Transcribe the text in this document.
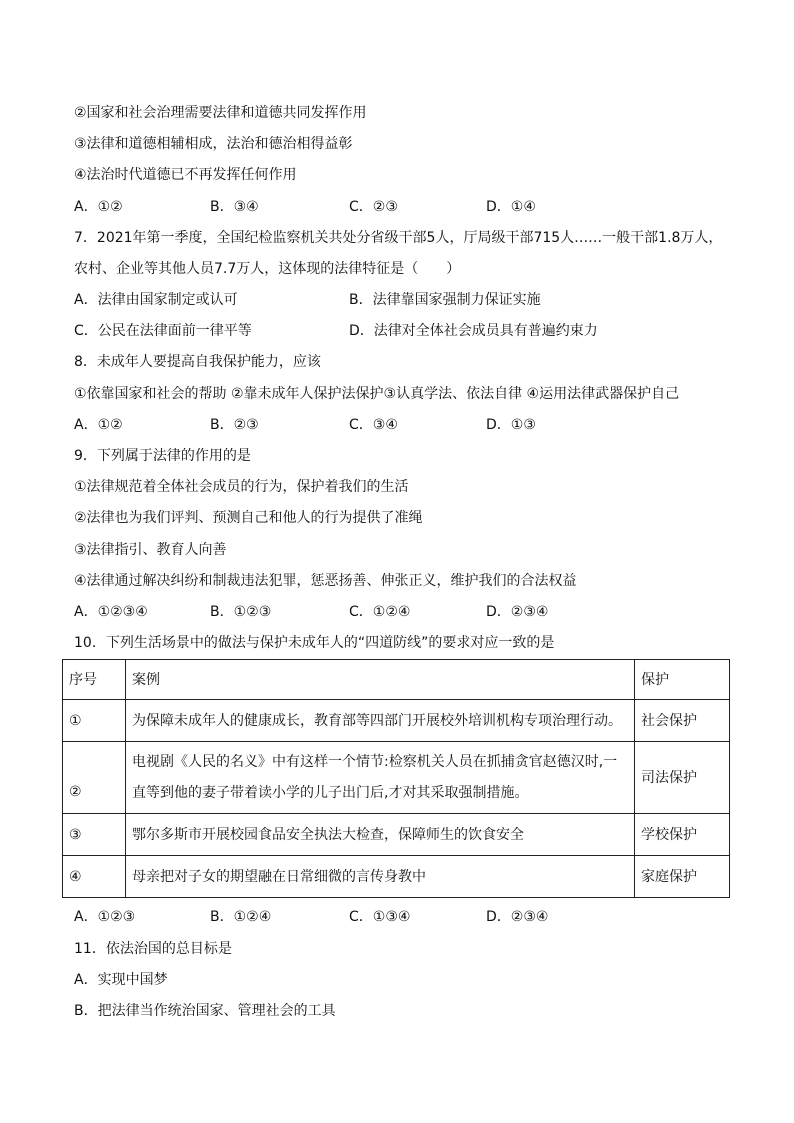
②国家和社会治理需要法律和道德共同发挥作用
③法律和道德相辅相成，法治和德治相得益彰
④法治时代道德已不再发挥任何作用
A．①②	B．③④	C．②③	D．①④
7．2021年第一季度，全国纪检监察机关共处分省级干部5人，厅局级干部715人……一般干部1.8万人，
农村、企业等其他人员7.7万人，这体现的法律特征是（　　）
A．法律由国家制定或认可	B．法律靠国家强制力保证实施
C．公民在法律面前一律平等	D．法律对全体社会成员具有普遍约束力
8．未成年人要提高自我保护能力，应该
①依靠国家和社会的帮助 ②靠未成年人保护法保护③认真学法、依法自律 ④运用法律武器保护自己
A．①②	B．②③	C．③④	D．①③
9．下列属于法律的作用的是
①法律规范着全体社会成员的行为，保护着我们的生活
②法律也为我们评判、预测自己和他人的行为提供了准绳
③法律指引、教育人向善
④法律通过解决纠纷和制裁违法犯罪，惩恶扬善、伸张正义，维护我们的合法权益
A．①②③④	B．①②③	C．①②④	D．②③④
10．下列生活场景中的做法与保护未成年人的“四道防线”的要求对应一致的是
序号	案例	保护
①	为保障未成年人的健康成长，教育部等四部门开展校外培训机构专项治理行动。	社会保护
②	电视剧《人民的名义》中有这样一个情节:检察机关人员在抓捕贪官赵德汉时,一
直等到他的妻子带着读小学的儿子出门后,才对其采取强制措施。	司法保护
③	鄂尔多斯市开展校园食品安全执法大检查，保障师生的饮食安全	学校保护
④	母亲把对子女的期望融在日常细微的言传身教中	家庭保护
A．①②③	B．①②④	C．①③④	D．②③④
11．依法治国的总目标是
A．实现中国梦
B．把法律当作统治国家、管理社会的工具
